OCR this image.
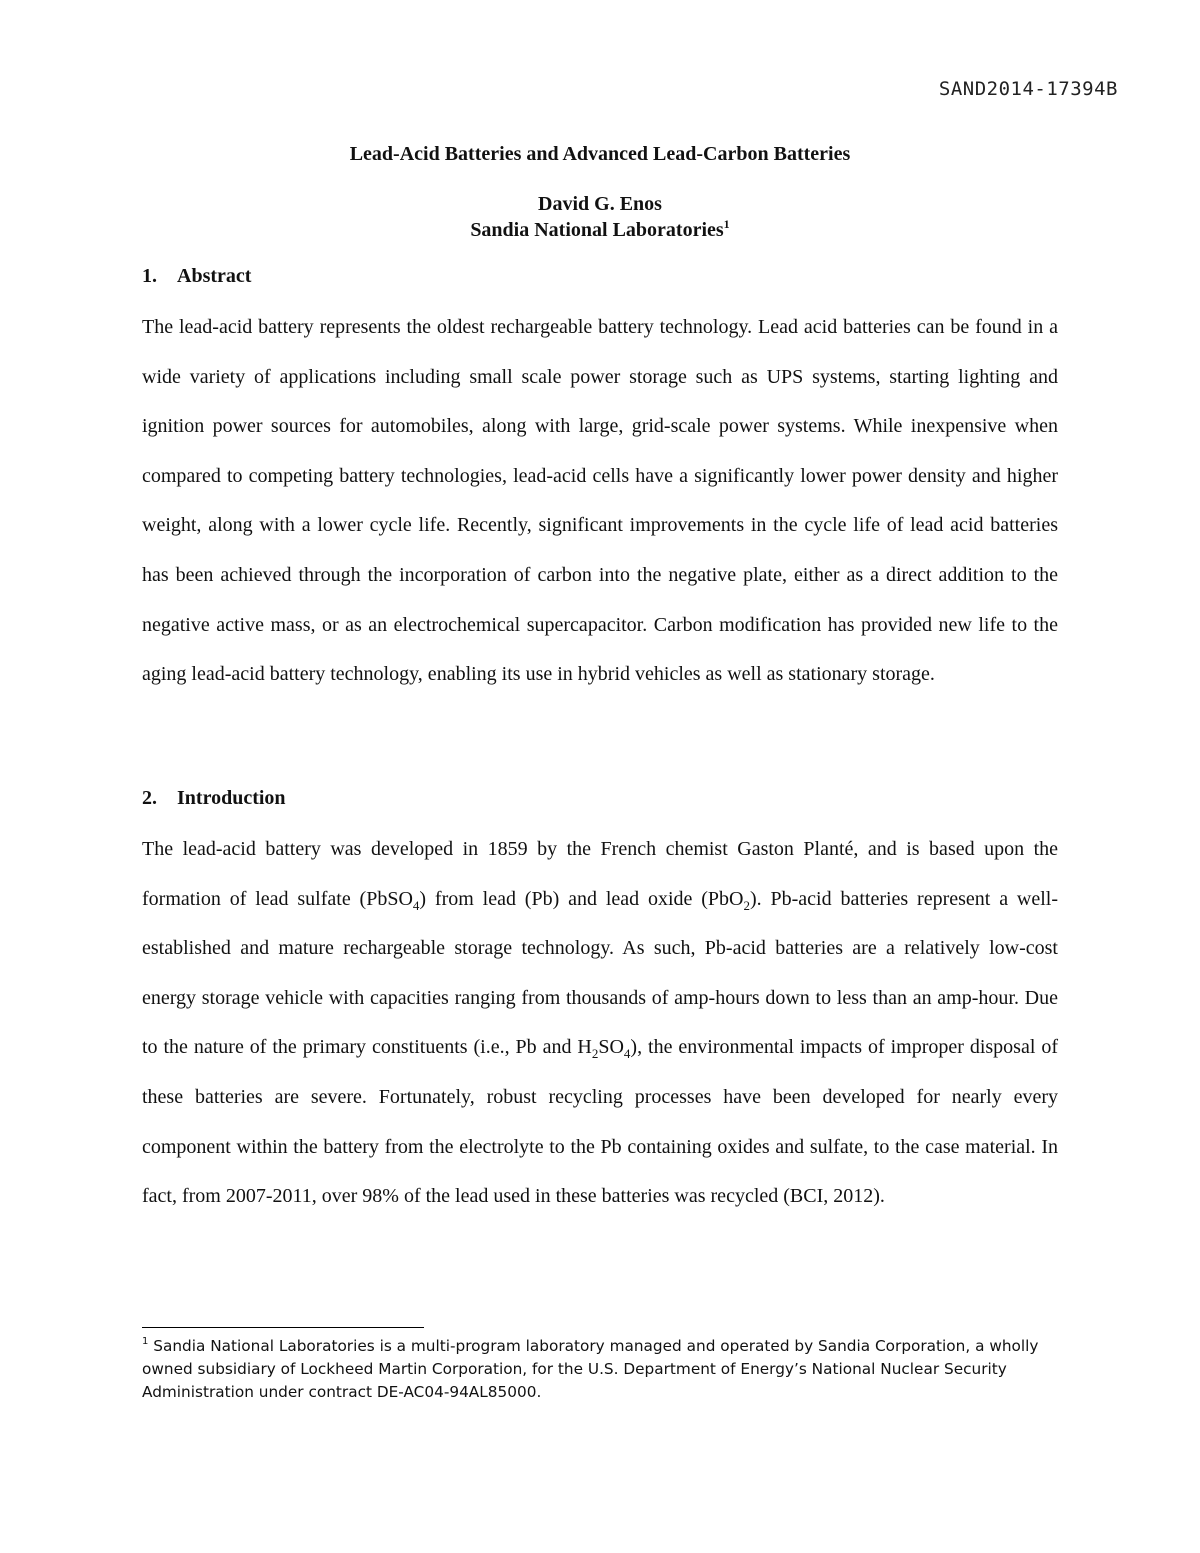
SAND2014-17394B
Lead-Acid Batteries and Advanced Lead-Carbon Batteries
David G. Enos
Sandia National Laboratories$^1$
1. Abstract

The lead-acid battery represents the oldest rechargeable battery technology. Lead acid batteries can be found in a wide variety of applications including small scale power storage such as UPS systems, starting lighting and ignition power sources for automobiles, along with large, grid-scale power systems. While inexpensive when compared to competing battery technologies, lead-acid cells have a significantly lower power density and higher weight, along with a lower cycle life. Recently, significant improvements in the cycle life of lead acid batteries has been achieved through the incorporation of carbon into the negative plate, either as a direct addition to the negative active mass, or as an electrochemical supercapacitor. Carbon modification has provided new life to the aging lead-acid battery technology, enabling its use in hybrid vehicles as well as stationary storage.

2. Introduction

The lead-acid battery was developed in 1859 by the French chemist Gaston Planté, and is based upon the formation of lead sulfate (PbSO$_4$) from lead (Pb) and lead oxide (PbO$_2$). Pb-acid batteries represent a well-established and mature rechargeable storage technology. As such, Pb-acid batteries are a relatively low-cost energy storage vehicle with capacities ranging from thousands of amp-hours down to less than an amp-hour. Due to the nature of the primary constituents (i.e., Pb and $H_2SO_4$), the environmental impacts of improper disposal of these batteries are severe. Fortunately, robust recycling processes have been developed for nearly every component within the battery from the electrolyte to the Pb containing oxides and sulfate, to the case material. In fact, from 2007-2011, over 98% of the lead used in these batteries was recycled (BCI, 2012).

$^1$ Sandia National Laboratories is a multi-program laboratory managed and operated by Sandia Corporation, a wholly owned subsidiary of Lockheed Martin Corporation, for the U.S. Department of Energy’s National Nuclear Security Administration under contract DE-AC04-94AL85000.
